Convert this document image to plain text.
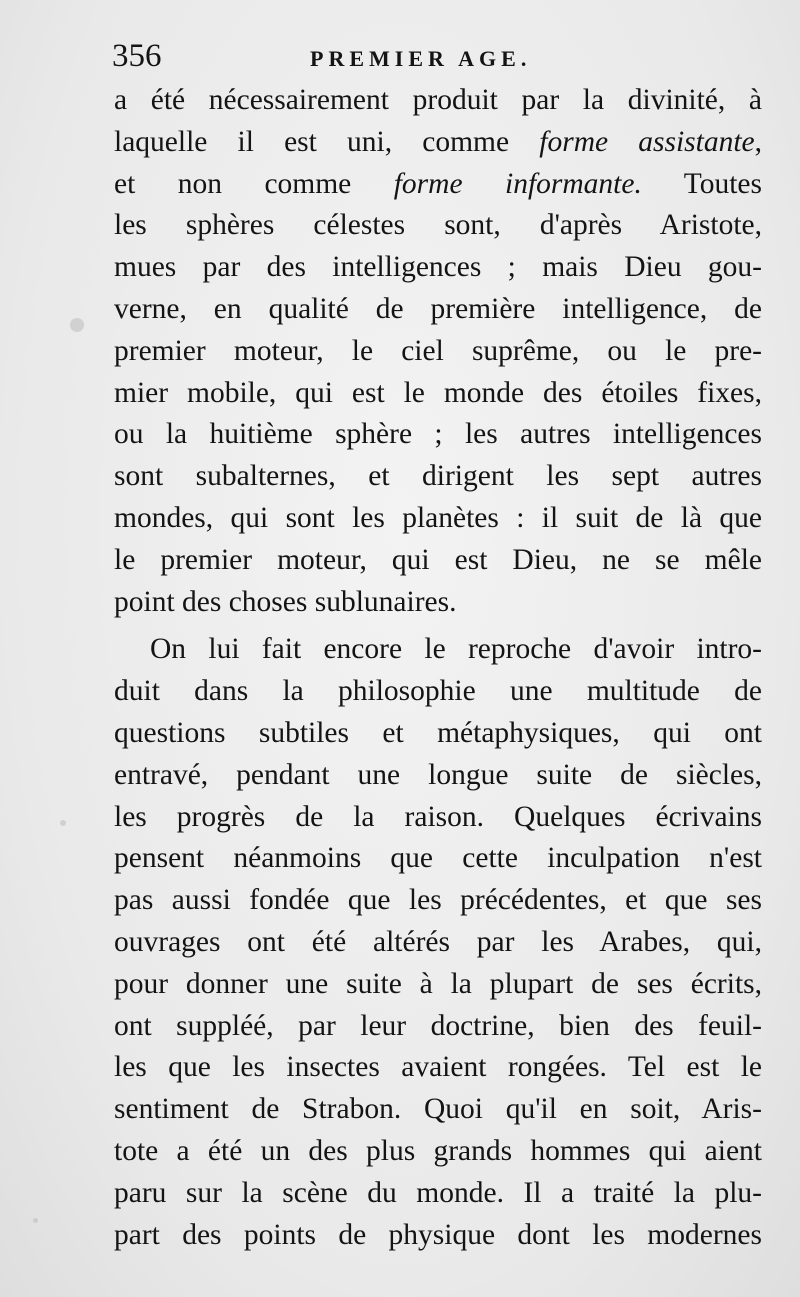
356	PREMIER AGE.
a été nécessairement produit par la divinité, à
laquelle il est uni, comme forme assistante,
et non comme forme informante. Toutes
les sphères célestes sont, d'après Aristote,
mues par des intelligences ; mais Dieu gou-
verne, en qualité de première intelligence, de
premier moteur, le ciel suprême, ou le pre-
mier mobile, qui est le monde des étoiles fixes,
ou la huitième sphère ; les autres intelligences
sont subalternes, et dirigent les sept autres
mondes, qui sont les planètes : il suit de là que
le premier moteur, qui est Dieu, ne se mêle
point des choses sublunaires.
On lui fait encore le reproche d'avoir intro-
duit dans la philosophie une multitude de
questions subtiles et métaphysiques, qui ont
entravé, pendant une longue suite de siècles,
les progrès de la raison. Quelques écrivains
pensent néanmoins que cette inculpation n'est
pas aussi fondée que les précédentes, et que ses
ouvrages ont été altérés par les Arabes, qui,
pour donner une suite à la plupart de ses écrits,
ont suppléé, par leur doctrine, bien des feuil-
les que les insectes avaient rongées. Tel est le
sentiment de Strabon. Quoi qu'il en soit, Aris-
tote a été un des plus grands hommes qui aient
paru sur la scène du monde. Il a traité la plu-
part des points de physique dont les modernes
